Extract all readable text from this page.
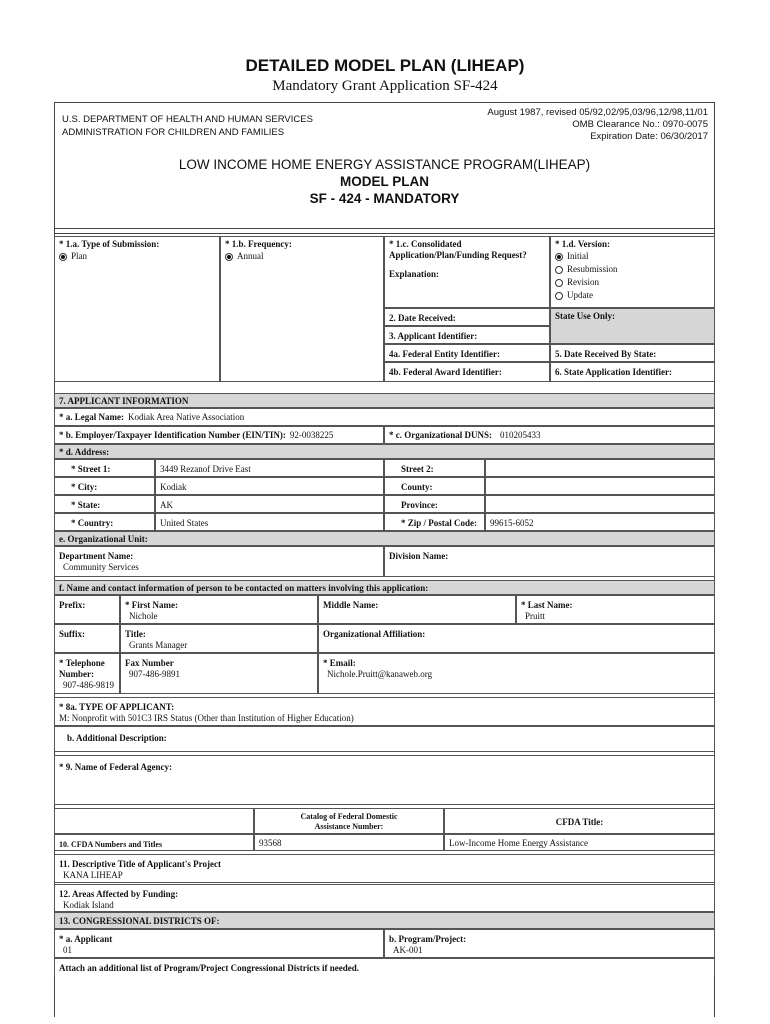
DETAILED MODEL PLAN (LIHEAP)
Mandatory Grant Application SF-424
U.S. DEPARTMENT OF HEALTH AND HUMAN SERVICES
ADMINISTRATION FOR CHILDREN AND FAMILIES
August 1987, revised 05/92,02/95,03/96,12/98,11/01
OMB Clearance No.: 0970-0075
Expiration Date: 06/30/2017
LOW INCOME HOME ENERGY ASSISTANCE PROGRAM(LIHEAP)
MODEL PLAN
SF - 424 - MANDATORY
* 1.a. Type of Submission:
Plan
* 1.b. Frequency:
Annual
* 1.c. Consolidated
Application/Plan/Funding Request?
Explanation:
* 1.d. Version:
Initial
Resubmission
Revision
Update
2. Date Received:	State Use Only:
3. Applicant Identifier:
4a. Federal Entity Identifier:	5. Date Received By State:
4b. Federal Award Identifier:	6. State Application Identifier:
7. APPLICANT INFORMATION
* a. Legal Name: Kodiak Area Native Association
* b. Employer/Taxpayer Identification Number (EIN/TIN): 92-0038225	* c. Organizational DUNS: 010205433
* d. Address:
* Street 1:	3449 Rezanof Drive East	Street 2:
* City:	Kodiak	County:
* State:	AK	Province:
* Country:	United States	* Zip / Postal Code:	99615-6052
e. Organizational Unit:
Department Name:
Community Services
Division Name:
f. Name and contact information of person to be contacted on matters involving this application:
Prefix:	* First Name:
Nichole
Middle Name:	* Last Name:
Pruitt
Suffix:	Title:
Grants Manager
Organizational Affiliation:
* Telephone
Number:
907-486-9819
Fax Number
907-486-9891
* Email:
Nichole.Pruitt@kanaweb.org
* 8a. TYPE OF APPLICANT:
M: Nonprofit with 501C3 IRS Status (Other than Institution of Higher Education)
b. Additional Description:
* 9. Name of Federal Agency:
Catalog of Federal Domestic
Assistance Number:	CFDA Title:
10. CFDA Numbers and Titles	93568	Low-Income Home Energy Assistance
11. Descriptive Title of Applicant's Project
KANA LIHEAP
12. Areas Affected by Funding:
Kodiak Island
13. CONGRESSIONAL DISTRICTS OF:
* a. Applicant
01
b. Program/Project:
AK-001
Attach an additional list of Program/Project Congressional Districts if needed.
